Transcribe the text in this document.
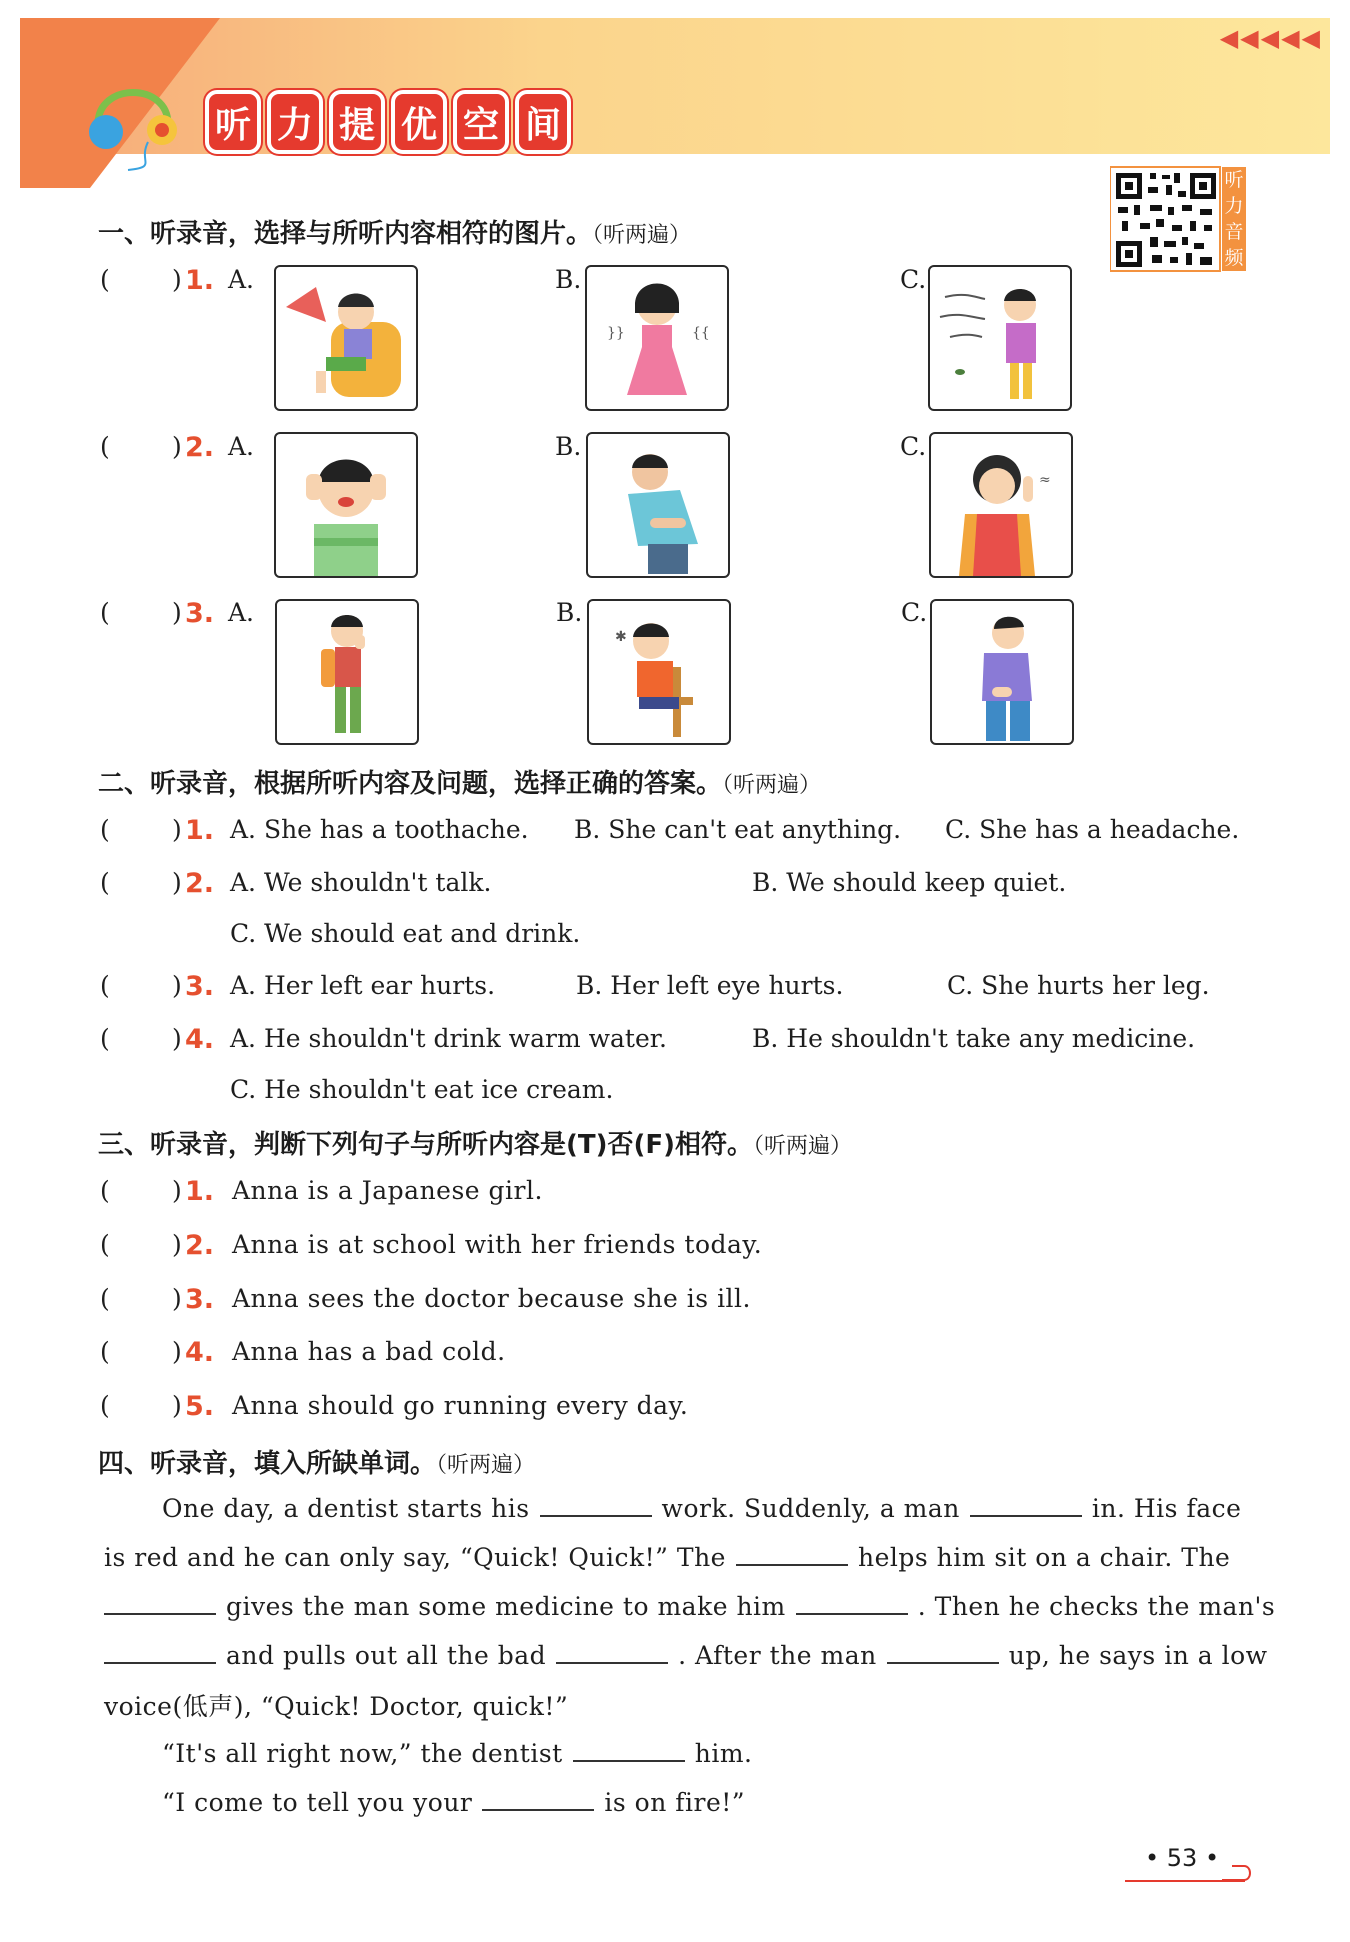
◀◀◀◀◀
听 力 提 优 空 间
听
力
音
频
一、听录音，选择与所听内容相符的图片。（听两遍）
( ) 1. A.	B.	C.
}}	{{
( ) 2. A.	B.	C.
≈
( ) 3. A.	B.	C.
✱
二、听录音，根据所听内容及问题，选择正确的答案。（听两遍）
( ) 1. A. She has a toothache. B. She can't eat anything. C. She has a headache.
( ) 2. A. We shouldn't talk.	B. We should keep quiet.
C. We should eat and drink.
( ) 3. A. Her left ear hurts.	B. Her left eye hurts.	C. She hurts her leg.
( ) 4. A. He shouldn't drink warm water.	B. He shouldn't take any medicine.
C. He shouldn't eat ice cream.
三、听录音，判断下列句子与所听内容是(T)否(F)相符。（听两遍）
( ) 1. Anna is a Japanese girl.
( ) 2. Anna is at school with her friends today.
( ) 3. Anna sees the doctor because she is ill.
( ) 4. Anna has a bad cold.
( ) 5. Anna should go running every day.
四、听录音，填入所缺单词。（听两遍）
One day, a dentist starts his	work. Suddenly, a man	in. His face
is red and he can only say, “Quick! Quick!” The	helps him sit on a chair. The
gives the man some medicine to make him	. Then he checks the man's
and pulls out all the bad	. After the man	up, he says in a low
voice(低声), “Quick! Doctor, quick!”
“It's all right now,” the dentist	him.
“I come to tell you your	is on fire!”
• 53 •
